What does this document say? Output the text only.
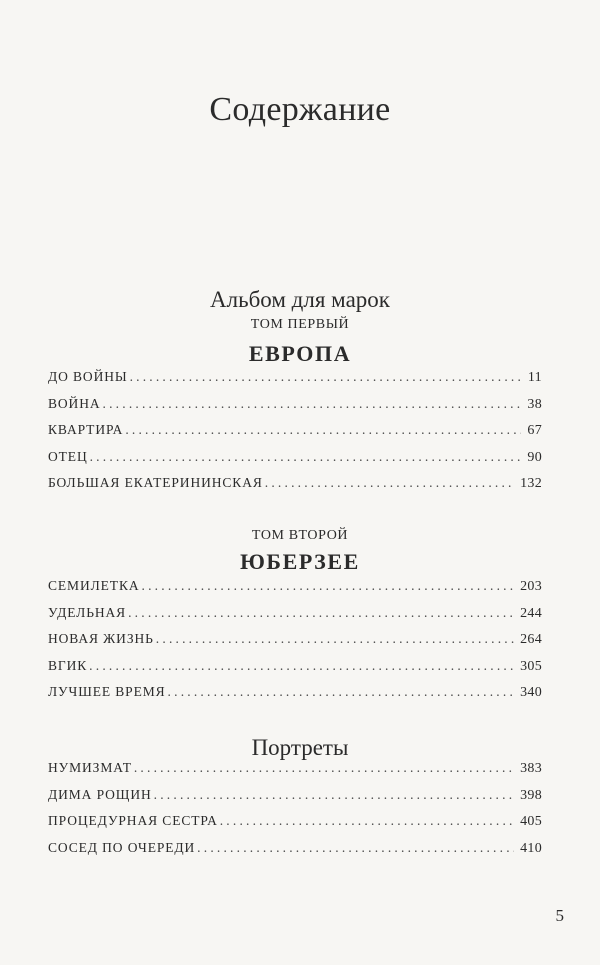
Содержание
Альбом для марок
ТОМ ПЕРВЫЙ
ЕВРОПА
ДО ВОЙНЫ .....	11
ВОЙНА .....	38
КВАРТИРА .....	67
ОТЕЦ .....	90
БОЛЬШАЯ ЕКАТЕРИНИНСКАЯ .....	132
ТОМ ВТОРОЙ
ЮБЕРЗЕЕ
СЕМИЛЕТКА .....	203
УДЕЛЬНАЯ .....	244
НОВАЯ ЖИЗНЬ .....	264
ВГИК .....	305
ЛУЧШЕЕ ВРЕМЯ .....	340
Портреты
НУМИЗМАТ .....	383
ДИМА РОЩИН .....	398
ПРОЦЕДУРНАЯ СЕСТРА .....	405
СОСЕД ПО ОЧЕРЕДИ .....	410
5
